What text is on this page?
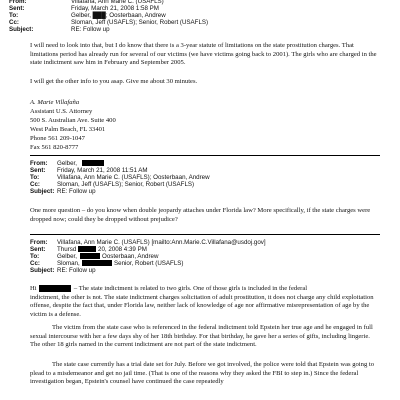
From:	Villafana, Ann Marie C. (USAFLS)
Sent:	Friday, March 21, 2008 1:58 PM
To:	Gelber, ███; Oosterbaan, Andrew
Cc:	Sloman, Jeff (USAFLS); Senior, Robert (USAFLS)
Subject:	RE: Follow up
I will need to look into that, but I do know that there is a 3-year statute of limitations on the state prostitution charges. That limitations period has already run for several of our victims (we have victims going back to 2001). The girls who are charged in the state indictment saw him in February and September 2005.
I will get the other info to you asap. Give me about 30 minutes.
A. Marie Villafaña
Assistant U.S. Attorney
500 S. Australian Ave. Suite 400
West Palm Beach, FL 33401
Phone 561 209-1047
Fax 561 820-8777
From: Gelber,
Sent: Friday, March 21, 2008 11:51 AM
To:	Villafana, Ann Marie C. (USAFLS); Oosterbaan, Andrew
Cc:	Sloman, Jeff (USAFLS); Senior, Robert (USAFLS)
Subject: RE: Follow up
One more question – do you know when double jeopardy attaches under Florida law? More specifically, if the state charges were dropped now; could they be dropped without prejudice?
From: Villafana, Ann Marie C. (USAFLS) [mailto:Ann.Marie.C.Villafana@usdoj.gov]
Sent: Thursd	20, 2008 4:39 PM
To:	Gelber,	Oosterbaan, Andrew
Cc:	Sloman,	Senior, Robert (USAFLS)
Subject: RE: Follow up
Hi	– The state indictment is related to two girls. One of those girls is included in the federal
indictment, the other is not. The state indictment charges solicitation of adult prostitution, it does not charge any child exploitation offense, despite the fact that, under Florida law, neither lack of knowledge of age nor affirmative misrepresentation of age by the victim is a defense.
The victim from the state case who is referenced in the federal indictment told Epstein her true age and he engaged in full sexual intercourse with her a few days shy of her 18th birthday. For that birthday, he gave her a series of gifts, including lingerie. The other 18 girls named in the current indictment are not part of the state indictment.
The state case currently has a trial date set for July. Before we got involved, the police were told that Epstein was going to plead to a misdemeanor and get no jail time. (That is one of the reasons why they asked the FBI to step in.) Since the federal investigation began, Epstein's counsel have continued the case repeatedly
